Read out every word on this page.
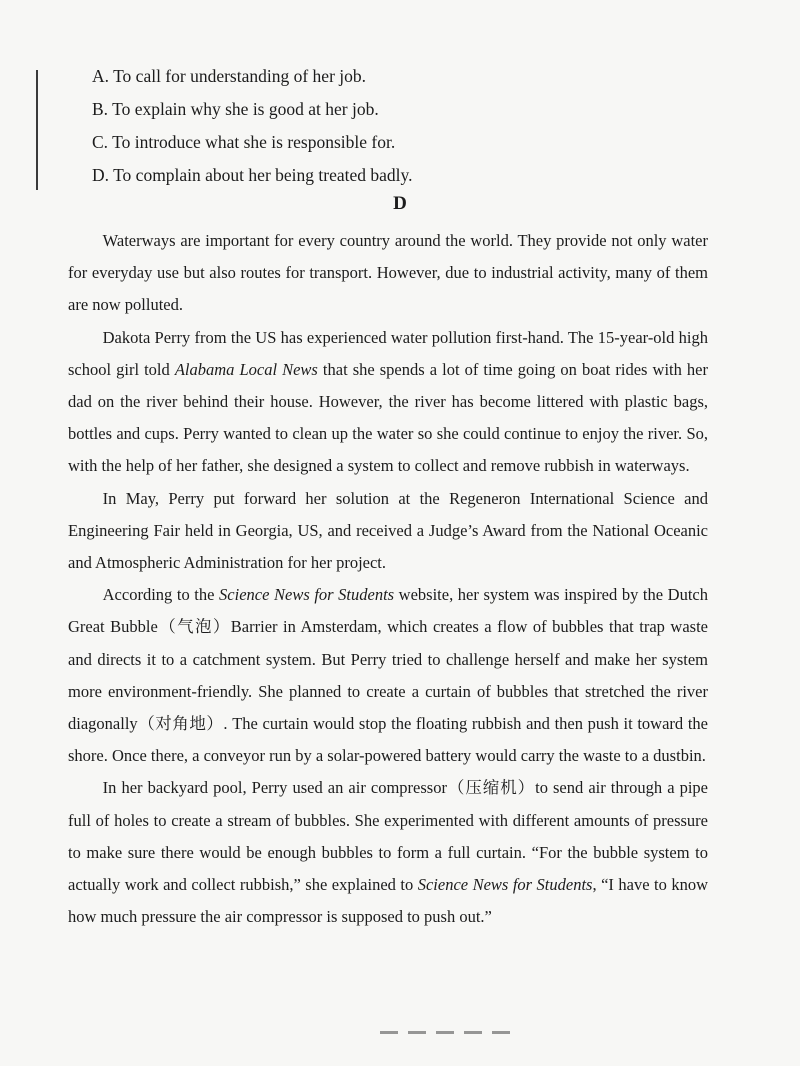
A. To call for understanding of her job.
B. To explain why she is good at her job.
C. To introduce what she is responsible for.
D. To complain about her being treated badly.
D

Waterways are important for every country around the world. They provide not only water for everyday use but also routes for transport. However, due to industrial activity, many of them are now polluted.

Dakota Perry from the US has experienced water pollution first-hand. The 15-year-old high school girl told Alabama Local News that she spends a lot of time going on boat rides with her dad on the river behind their house. However, the river has become littered with plastic bags, bottles and cups. Perry wanted to clean up the water so she could continue to enjoy the river. So, with the help of her father, she designed a system to collect and remove rubbish in waterways.

In May, Perry put forward her solution at the Regeneron International Science and Engineering Fair held in Georgia, US, and received a Judge’s Award from the National Oceanic and Atmospheric Administration for her project.

According to the Science News for Students website, her system was inspired by the Dutch Great Bubble（气泡）Barrier in Amsterdam, which creates a flow of bubbles that trap waste and directs it to a catchment system. But Perry tried to challenge herself and make her system more environment-friendly. She planned to create a curtain of bubbles that stretched the river diagonally（对角地）. The curtain would stop the floating rubbish and then push it toward the shore. Once there, a conveyor run by a solar-powered battery would carry the waste to a dustbin.

In her backyard pool, Perry used an air compressor（压缩机）to send air through a pipe full of holes to create a stream of bubbles. She experimented with different amounts of pressure to make sure there would be enough bubbles to form a full curtain. “For the bubble system to actually work and collect rubbish,” she explained to Science News for Students, “I have to know how much pressure the air compressor is supposed to push out.”
